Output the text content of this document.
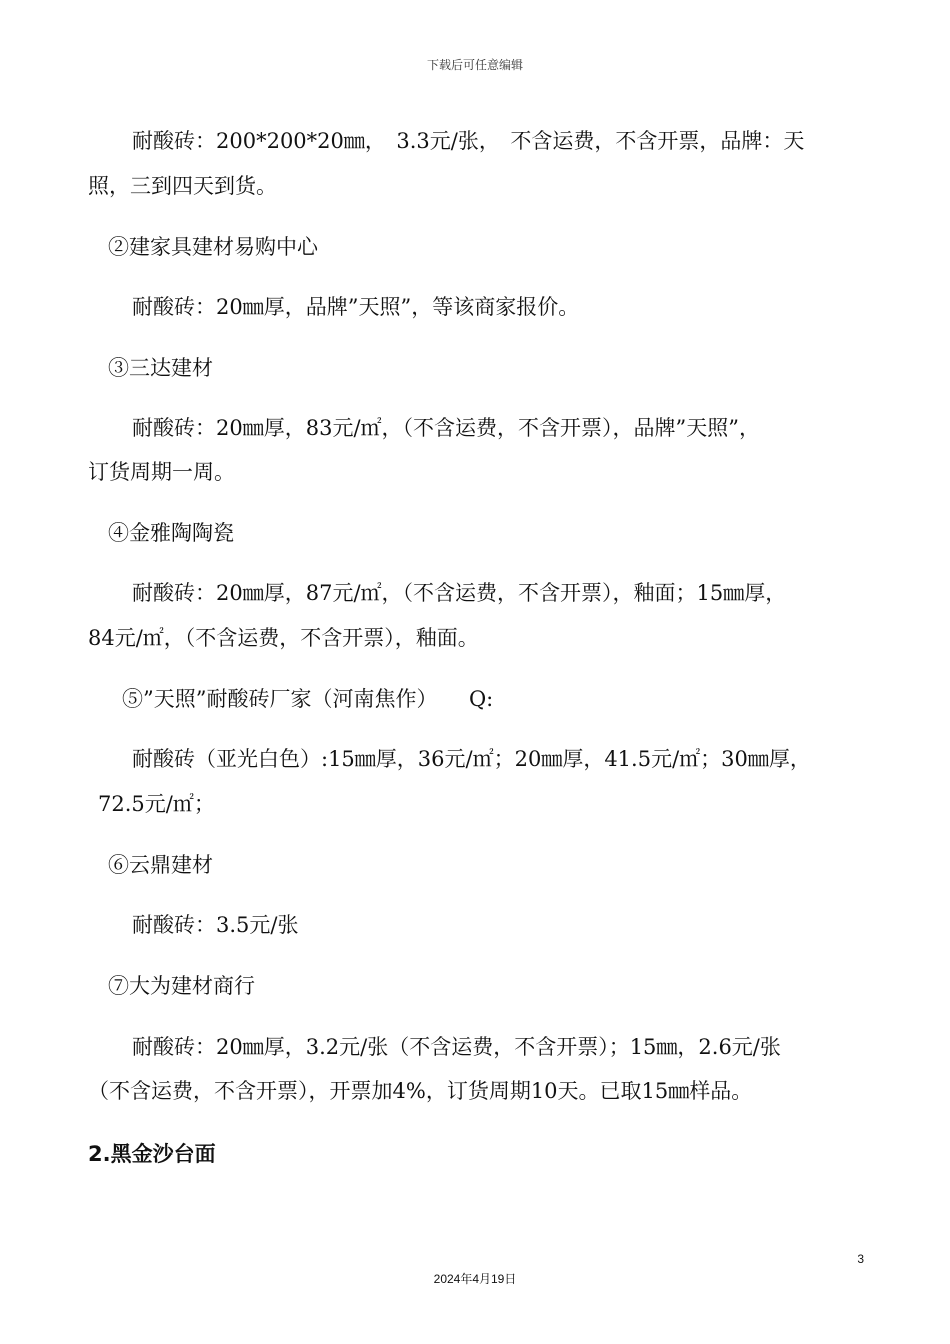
下载后可任意编辑
耐酸砖：200*200*20㎜，　3.3元/张，　不含运费，不含开票，品牌：天
照，三到四天到货。
②建家具建材易购中心
耐酸砖：20㎜厚，品牌”天照”，等该商家报价。
③三达建材
耐酸砖：20㎜厚，83元/㎡，（不含运费，不含开票），品牌”天照”，
订货周期一周。
④金雅陶陶瓷
耐酸砖：20㎜厚，87元/㎡，（不含运费，不含开票），釉面；15㎜厚，
84元/㎡，（不含运费，不含开票），釉面。
⑤”天照”耐酸砖厂家（河南焦作）　　Q:
耐酸砖（亚光白色）:15㎜厚，36元/㎡；20㎜厚，41.5元/㎡；30㎜厚，
72.5元/㎡；
⑥云鼎建材
耐酸砖：3.5元/张
⑦大为建材商行
耐酸砖：20㎜厚，3.2元/张（不含运费，不含开票）；15㎜，2.6元/张
（不含运费，不含开票），开票加4%，订货周期10天。已取15㎜样品。
2.黑金沙台面
3
2024年4月19日
